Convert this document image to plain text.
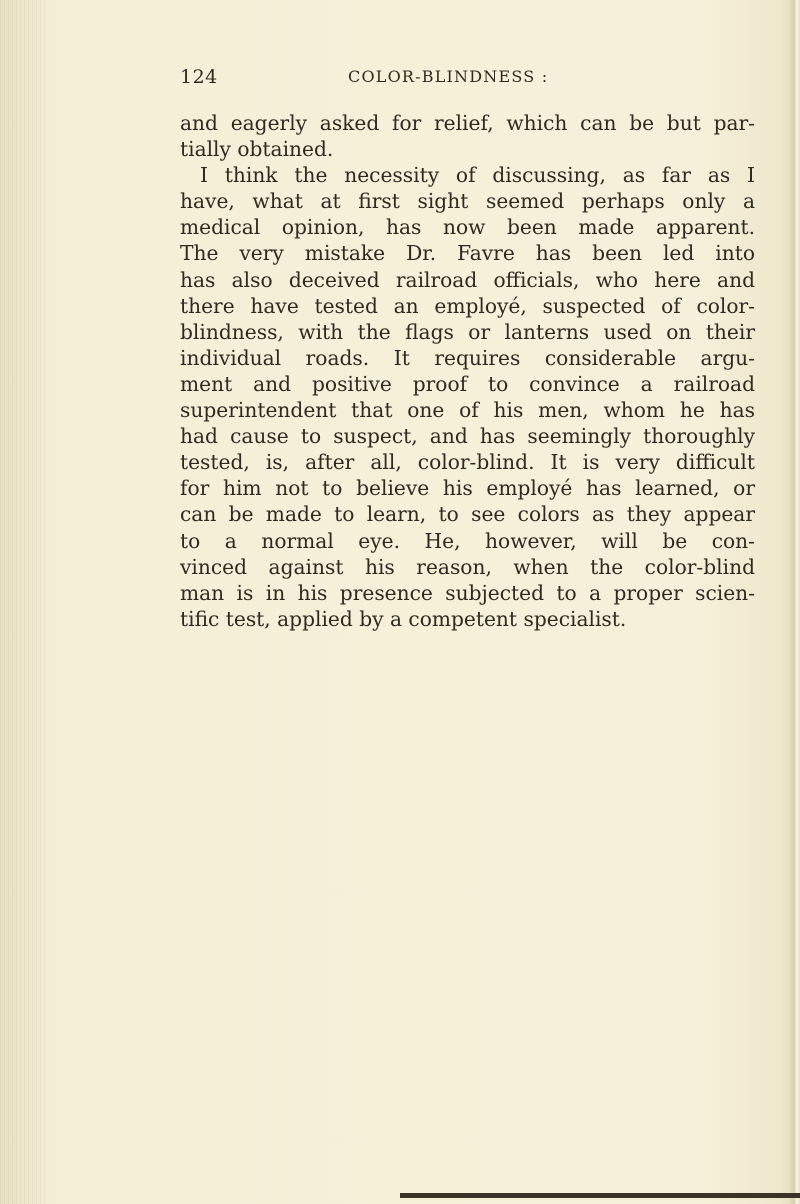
124	COLOR-BLINDNESS :
and eagerly asked for relief, which can be but par-
tially obtained.
I think the necessity of discussing, as far as I
have, what at first sight seemed perhaps only a
medical opinion, has now been made apparent.
The very mistake Dr. Favre has been led into
has also deceived railroad officials, who here and
there have tested an employé, suspected of color-
blindness, with the flags or lanterns used on their
individual roads. It requires considerable argu-
ment and positive proof to convince a railroad
superintendent that one of his men, whom he has
had cause to suspect, and has seemingly thoroughly
tested, is, after all, color-blind. It is very difficult
for him not to believe his employé has learned, or
can be made to learn, to see colors as they appear
to a normal eye. He, however, will be con-
vinced against his reason, when the color-blind
man is in his presence subjected to a proper scien-
tific test, applied by a competent specialist.
